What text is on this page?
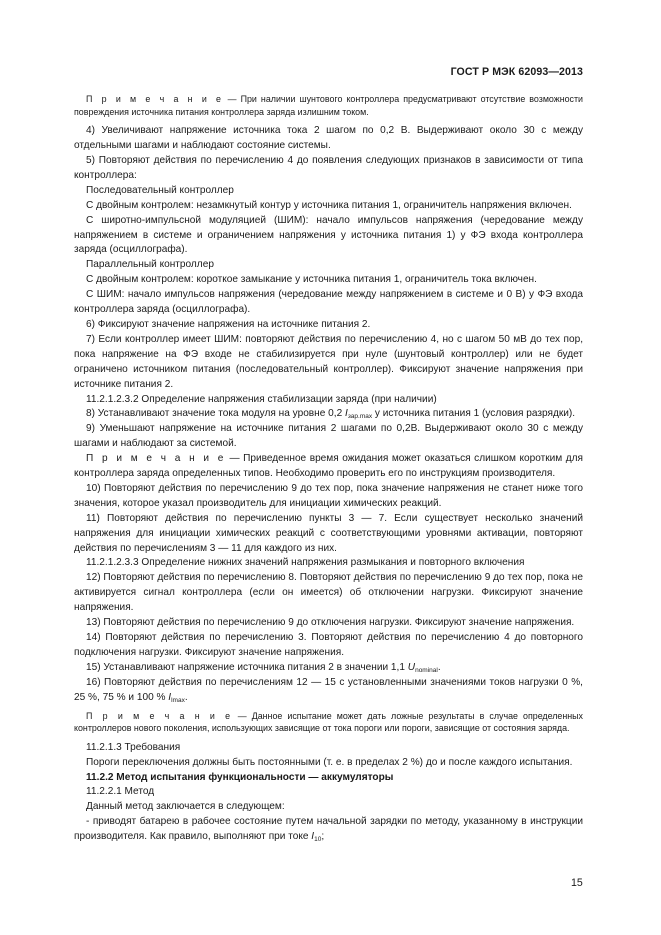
ГОСТ Р МЭК 62093—2013

П р и м е ч а н и е — При наличии шунтового контроллера предусматривают отсутствие возможности повреждения источника питания контроллера заряда излишним током.

4) Увеличивают напряжение источника тока 2 шагом по 0,2 В. Выдерживают около 30 с между отдельными шагами и наблюдают состояние системы.

5) Повторяют действия по перечислению 4 до появления следующих признаков в зависимости от типа контроллера:

Последовательный контроллер

С двойным контролем: незамкнутый контур у источника питания 1, ограничитель напряжения включен.

С широтно-импульсной модуляцией (ШИМ): начало импульсов напряжения (чередование между напряжением в системе и ограничением напряжения у источника питания 1) у ФЭ входа контроллера заряда (осциллографа).

Параллельный контроллер

С двойным контролем: короткое замыкание у источника питания 1, ограничитель тока включен.

С ШИМ: начало импульсов напряжения (чередование между напряжением в системе и 0 В) у ФЭ входа контроллера заряда (осциллографа).

6) Фиксируют значение напряжения на источнике питания 2.

7) Если контроллер имеет ШИМ: повторяют действия по перечислению 4, но с шагом 50 мВ до тех пор, пока напряжение на ФЭ входе не стабилизируется при нуле (шунтовый контроллер) или не будет ограничено источником питания (последовательный контроллер). Фиксируют значение напряжения при источнике питания 2.

11.2.1.2.3.2 Определение напряжения стабилизации заряда (при наличии)

8) Устанавливают значение тока модуля на уровне 0,2 $I_{зар.max}$ у источника питания 1 (условия разрядки).

9) Уменьшают напряжение на источнике питания 2 шагами по 0,2В. Выдерживают около 30 с между шагами и наблюдают за системой.

П р и м е ч а н и е — Приведенное время ожидания может оказаться слишком коротким для контроллера заряда определенных типов. Необходимо проверить его по инструкциям производителя.

10) Повторяют действия по перечислению 9 до тех пор, пока значение напряжения не станет ниже того значения, которое указал производитель для инициации химических реакций.

11) Повторяют действия по перечислению пункты 3 — 7. Если существует несколько значений напряжения для инициации химических реакций с соответствующими уровнями активации, повторяют действия по перечислениям 3 — 11 для каждого из них.

11.2.1.2.3.3 Определение нижних значений напряжения размыкания и повторного включения

12) Повторяют действия по перечислению 8. Повторяют действия по перечислению 9 до тех пор, пока не активируется сигнал контроллера (если он имеется) об отключении нагрузки. Фиксируют значение напряжения.

13) Повторяют действия по перечислению 9 до отключения нагрузки. Фиксируют значение напряжения.

14) Повторяют действия по перечислению 3. Повторяют действия по перечислению 4 до повторного подключения нагрузки. Фиксируют значение напряжения.

15) Устанавливают напряжение источника питания 2 в значении 1,1 $U_{nominal}$.

16) Повторяют действия по перечислениям 12 — 15 с установленными значениями токов нагрузки 0 %, 25 %, 75 % и 100 % $I_{lmax}$.

П р и м е ч а н и е — Данное испытание может дать ложные результаты в случае определенных контроллеров нового поколения, использующих зависящие от тока пороги или пороги, зависящие от состояния заряда.

11.2.1.3 Требования

Пороги переключения должны быть постоянными (т. е. в пределах 2 %) до и после каждого испытания.

11.2.2 Метод испытания функциональности — аккумуляторы

11.2.2.1 Метод

Данный метод заключается в следующем:

- приводят батарею в рабочее состояние путем начальной зарядки по методу, указанному в инструкции производителя. Как правило, выполняют при токе $I_{10}$;

15
